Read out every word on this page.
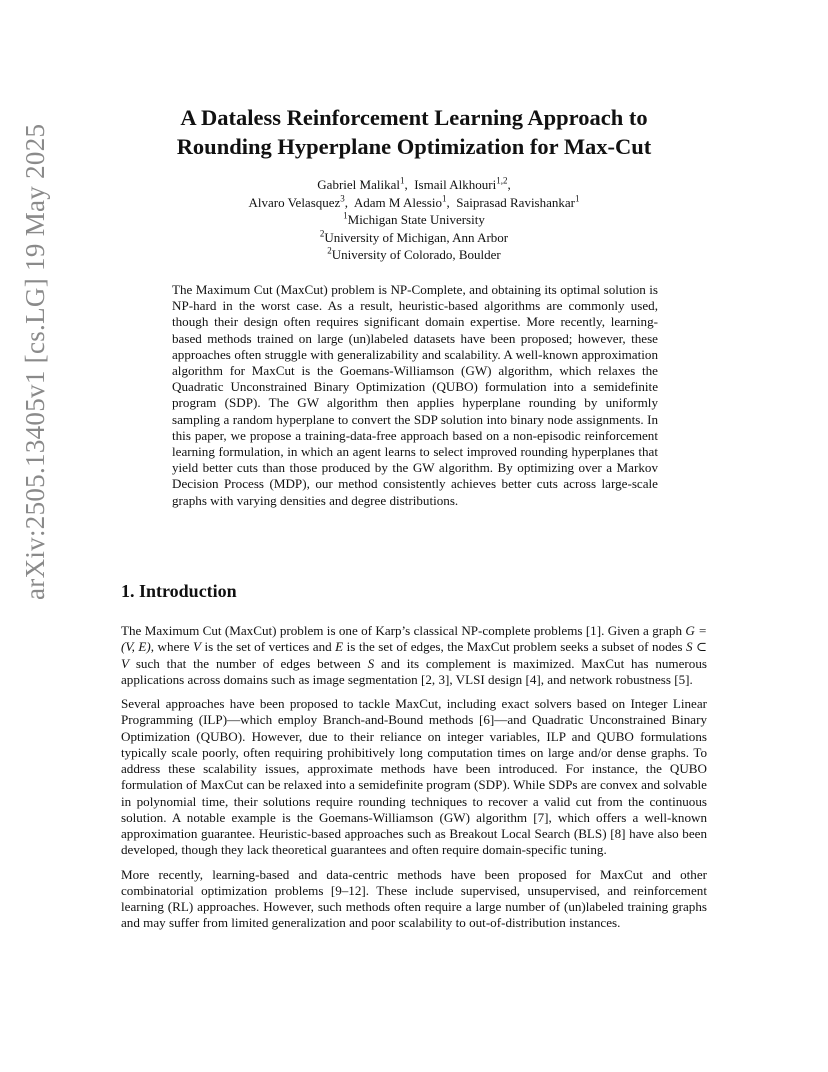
arXiv:2505.13405v1 [cs.LG] 19 May 2025
A Dataless Reinforcement Learning Approach to
Rounding Hyperplane Optimization for Max-Cut
Gabriel Malikal$^1$,  Ismail Alkhouri$^{1,2}$,
Alvaro Velasquez$^3$,  Adam M Alessio$^1$,  Saiprasad Ravishankar$^1$
$^1$Michigan State University
$^2$University of Michigan, Ann Arbor
$^2$University of Colorado, Boulder

The Maximum Cut (MaxCut) problem is NP-Complete, and obtaining its optimal solution is NP-hard in the worst case. As a result, heuristic-based algorithms are commonly used, though their design often requires significant domain expertise. More recently, learning-based methods trained on large (un)labeled datasets have been proposed; however, these approaches often struggle with generalizability and scalability. A well-known approximation algorithm for MaxCut is the Goemans-Williamson (GW) algorithm, which relaxes the Quadratic Unconstrained Binary Optimization (QUBO) formulation into a semidefinite program (SDP). The GW algorithm then applies hyperplane rounding by uniformly sampling a random hyperplane to convert the SDP solution into binary node assignments. In this paper, we propose a training-data-free approach based on a non-episodic reinforcement learning formulation, in which an agent learns to select improved rounding hyperplanes that yield better cuts than those produced by the GW algorithm. By optimizing over a Markov Decision Process (MDP), our method consistently achieves better cuts across large-scale graphs with varying densities and degree distributions.

1. Introduction

The Maximum Cut (MaxCut) problem is one of Karp’s classical NP-complete problems [1]. Given a graph G = (V, E), where V is the set of vertices and E is the set of edges, the MaxCut problem seeks a subset of nodes S ⊂ V such that the number of edges between S and its complement is maximized. MaxCut has numerous applications across domains such as image segmentation [2, 3], VLSI design [4], and network robustness [5].

Several approaches have been proposed to tackle MaxCut, including exact solvers based on Integer Linear Programming (ILP)—which employ Branch-and-Bound methods [6]—and Quadratic Unconstrained Binary Optimization (QUBO). However, due to their reliance on integer variables, ILP and QUBO formulations typically scale poorly, often requiring prohibitively long computation times on large and/or dense graphs. To address these scalability issues, approximate methods have been introduced. For instance, the QUBO formulation of MaxCut can be relaxed into a semidefinite program (SDP). While SDPs are convex and solvable in polynomial time, their solutions require rounding techniques to recover a valid cut from the continuous solution. A notable example is the Goemans-Williamson (GW) algorithm [7], which offers a well-known approximation guarantee. Heuristic-based approaches such as Breakout Local Search (BLS) [8] have also been developed, though they lack theoretical guarantees and often require domain-specific tuning.

More recently, learning-based and data-centric methods have been proposed for MaxCut and other combinatorial optimization problems [9–12]. These include supervised, unsupervised, and reinforcement learning (RL) approaches. However, such methods often require a large number of (un)labeled training graphs and may suffer from limited generalization and poor scalability to out-of-distribution instances.
